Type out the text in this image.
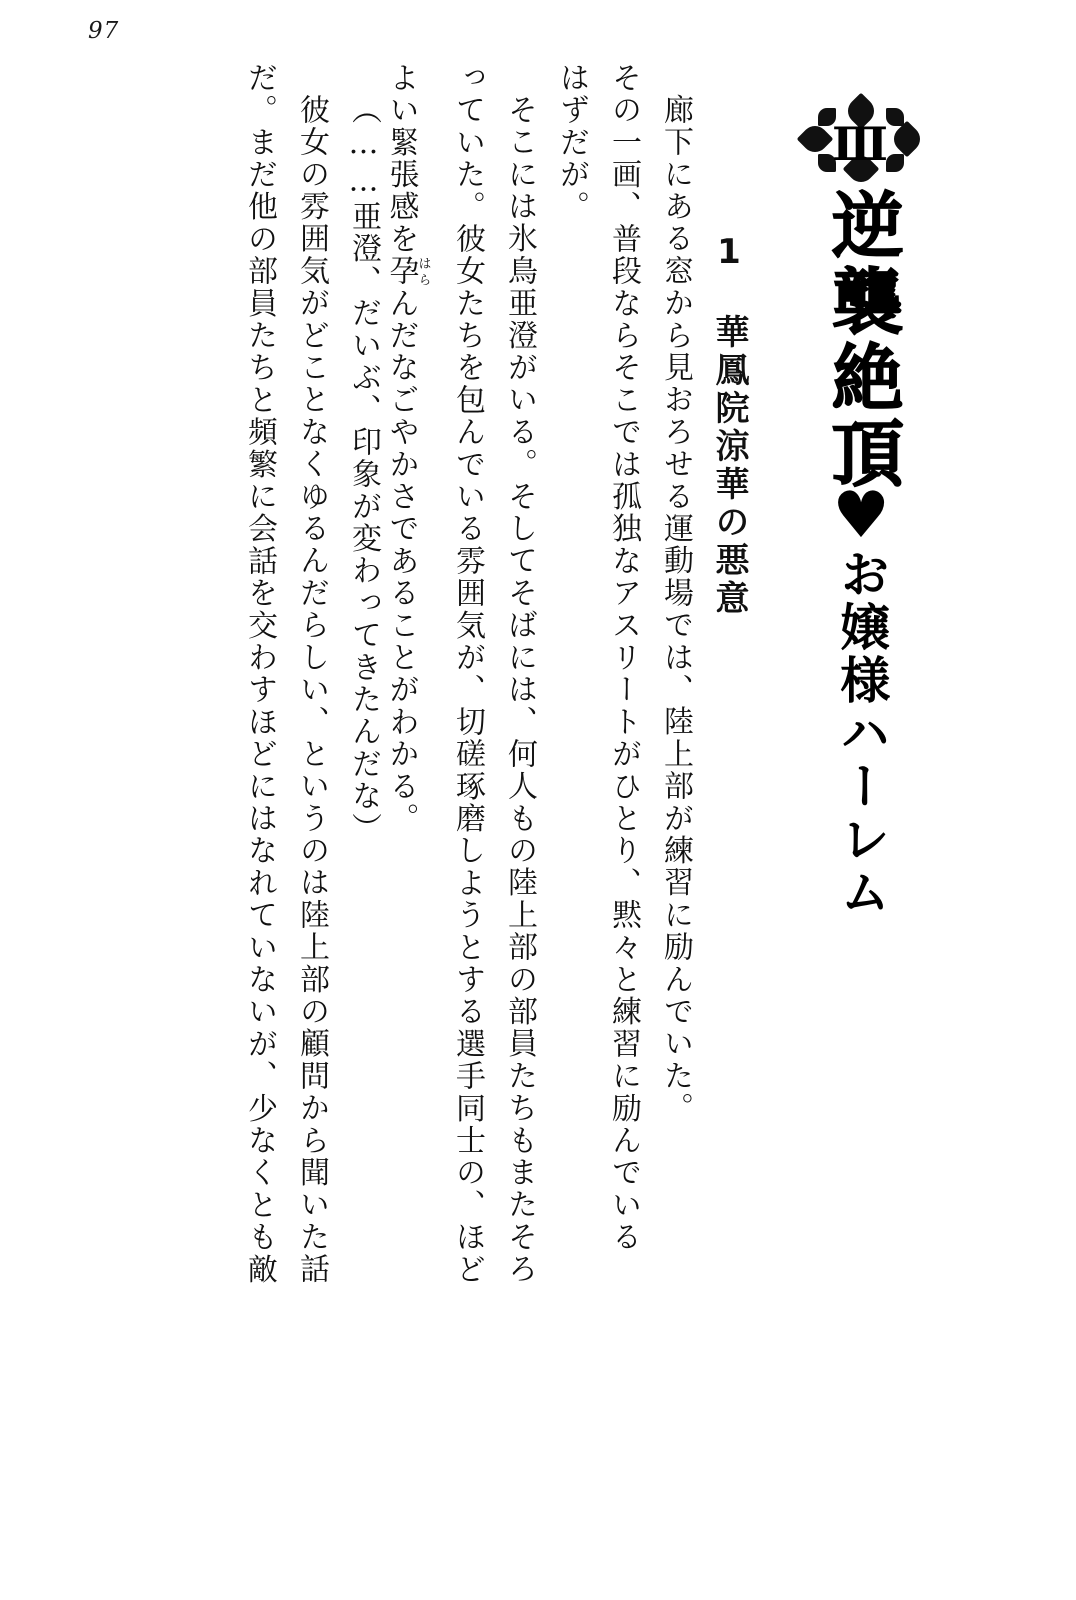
97
Ⅲ
逆襲絶頂
♥
お嬢様ハーレム
1　華鳳院涼華の悪意
廊下にある窓から見おろせる運動場では、陸上部が練習に励んでいた。
その一画、普段ならそこでは孤独なアスリートがひとり、黙々と練習に励んでいる
はずだが。
そこには氷鳥亜澄がいる。そしてそばには、何人もの陸上部の部員たちもまたそろ
っていた。彼女たちを包んでいる雰囲気が、切磋琢磨しようとする選手同士の、ほど
よい緊張感を孕はらんだなごやかさであることがわかる。
（……亜澄、だいぶ、印象が変わってきたんだな）
彼女の雰囲気がどことなくゆるんだらしい、というのは陸上部の顧問から聞いた話
だ。まだ他の部員たちと頻繁に会話を交わすほどにはなれていないが、少なくとも敵
